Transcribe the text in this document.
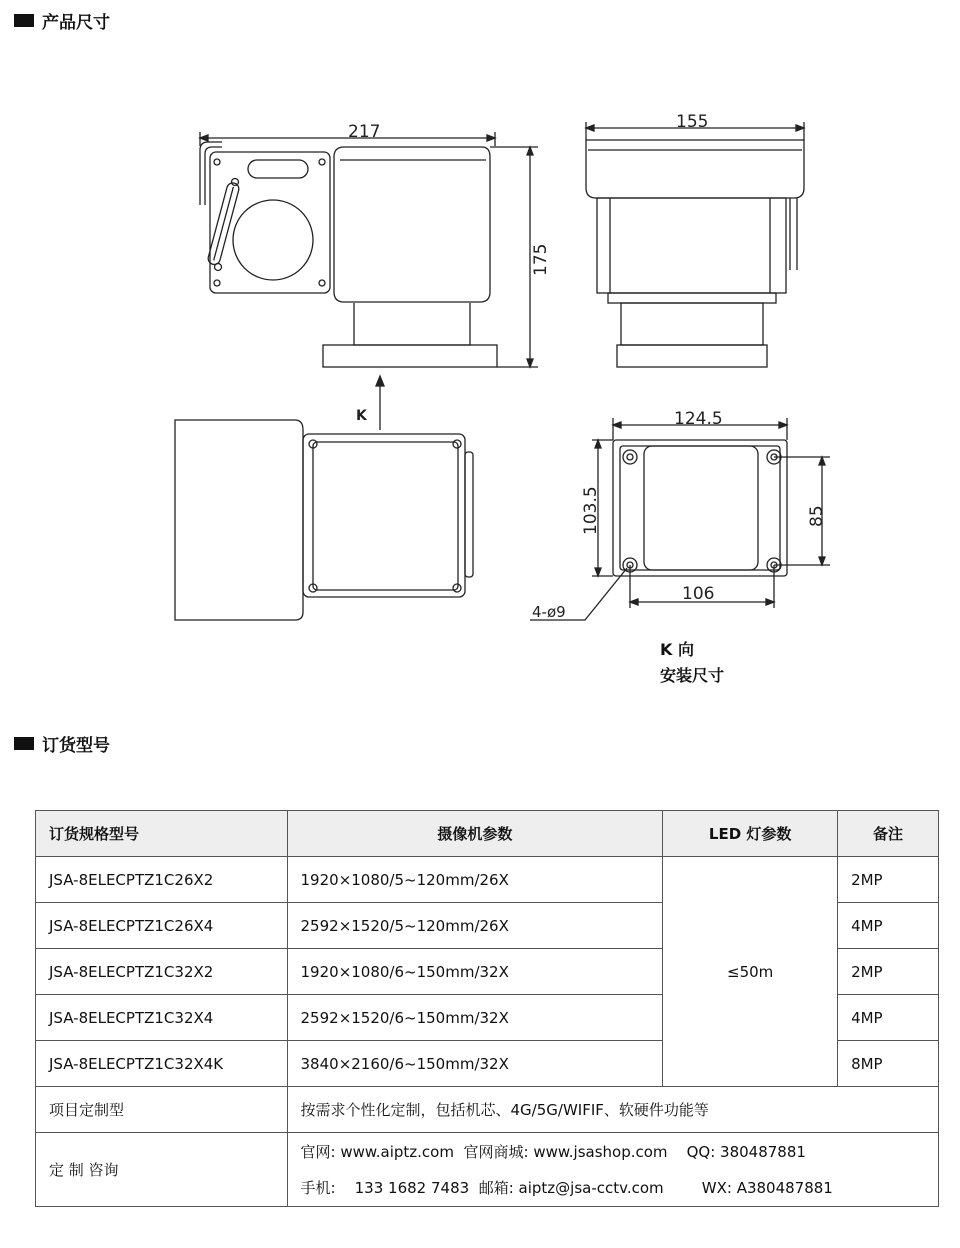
产品尺寸
217
175
155
K	124.5
103.5	85
106
4-ø9
K 向
安装尺寸
订货型号
订货规格型号	摄像机参数	LED 灯参数	备注
JSA-8ELECPTZ1C26X2	1920×1080/5~120mm/26X	≤50m	2MP
JSA-8ELECPTZ1C26X4	2592×1520/5~120mm/26X		4MP
JSA-8ELECPTZ1C32X2	1920×1080/6~150mm/32X		2MP
JSA-8ELECPTZ1C32X4	2592×1520/6~150mm/32X		4MP
JSA-8ELECPTZ1C32X4K	3840×2160/6~150mm/32X		8MP
项目定制型	按需求个性化定制，包括机芯、4G/5G/WIFIF、软硬件功能等		
定 制 咨询	官网: www.aiptz.com  官网商城: www.jsashop.com    QQ: 380487881
手机:    133 1682 7483  邮箱: aiptz@jsa-cctv.com        WX: A380487881		
